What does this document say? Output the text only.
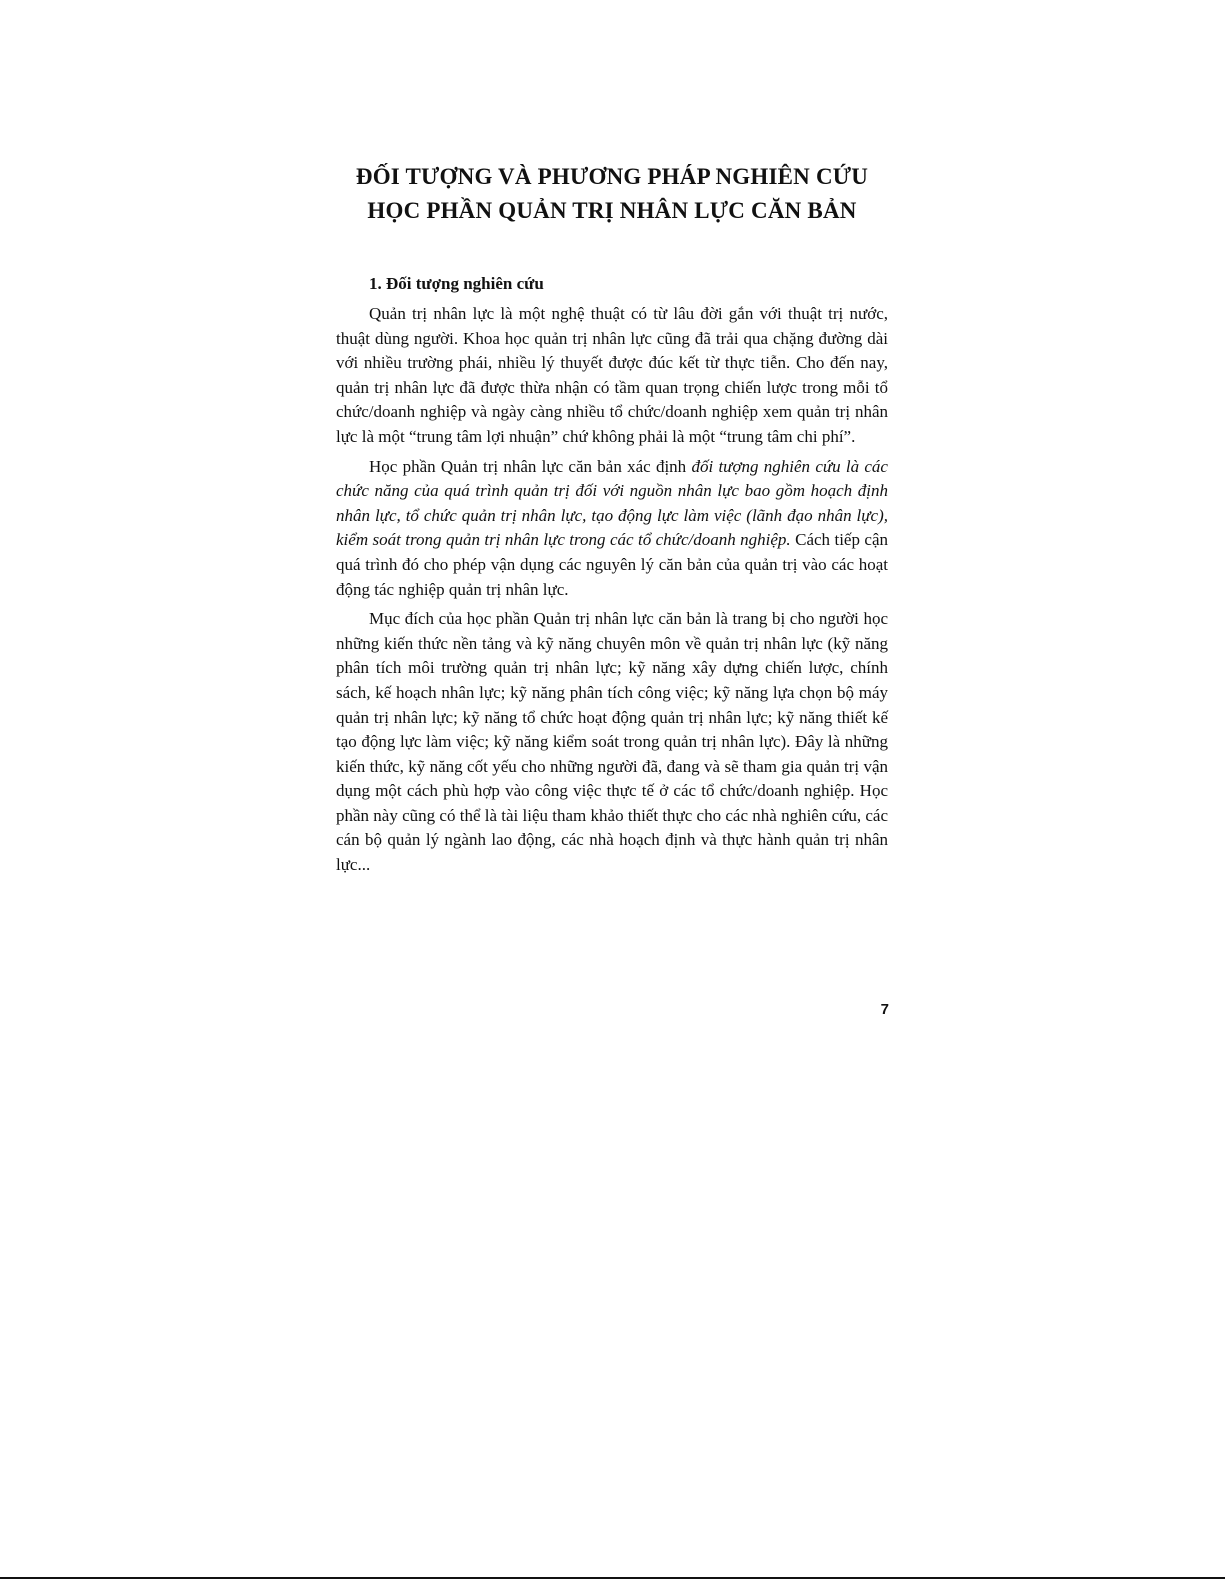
ĐỐI TƯỢNG VÀ PHƯƠNG PHÁP NGHIÊN CỨU
HỌC PHẦN QUẢN TRỊ NHÂN LỰC CĂN BẢN
1. Đối tượng nghiên cứu

Quản trị nhân lực là một nghệ thuật có từ lâu đời gắn với thuật trị nước, thuật dùng người. Khoa học quản trị nhân lực cũng đã trải qua chặng đường dài với nhiều trường phái, nhiều lý thuyết được đúc kết từ thực tiễn. Cho đến nay, quản trị nhân lực đã được thừa nhận có tầm quan trọng chiến lược trong mỗi tổ chức/doanh nghiệp và ngày càng nhiều tổ chức/doanh nghiệp xem quản trị nhân lực là một “trung tâm lợi nhuận” chứ không phải là một “trung tâm chi phí”.

Học phần Quản trị nhân lực căn bản xác định đối tượng nghiên cứu là các chức năng của quá trình quản trị đối với nguồn nhân lực bao gồm hoạch định nhân lực, tổ chức quản trị nhân lực, tạo động lực làm việc (lãnh đạo nhân lực), kiểm soát trong quản trị nhân lực trong các tổ chức/doanh nghiệp. Cách tiếp cận quá trình đó cho phép vận dụng các nguyên lý căn bản của quản trị vào các hoạt động tác nghiệp quản trị nhân lực.

Mục đích của học phần Quản trị nhân lực căn bản là trang bị cho người học những kiến thức nền tảng và kỹ năng chuyên môn về quản trị nhân lực (kỹ năng phân tích môi trường quản trị nhân lực; kỹ năng xây dựng chiến lược, chính sách, kế hoạch nhân lực; kỹ năng phân tích công việc; kỹ năng lựa chọn bộ máy quản trị nhân lực; kỹ năng tổ chức hoạt động quản trị nhân lực; kỹ năng thiết kế tạo động lực làm việc; kỹ năng kiểm soát trong quản trị nhân lực). Đây là những kiến thức, kỹ năng cốt yếu cho những người đã, đang và sẽ tham gia quản trị vận dụng một cách phù hợp vào công việc thực tế ở các tổ chức/doanh nghiệp. Học phần này cũng có thể là tài liệu tham khảo thiết thực cho các nhà nghiên cứu, các cán bộ quản lý ngành lao động, các nhà hoạch định và thực hành quản trị nhân lực...

7
